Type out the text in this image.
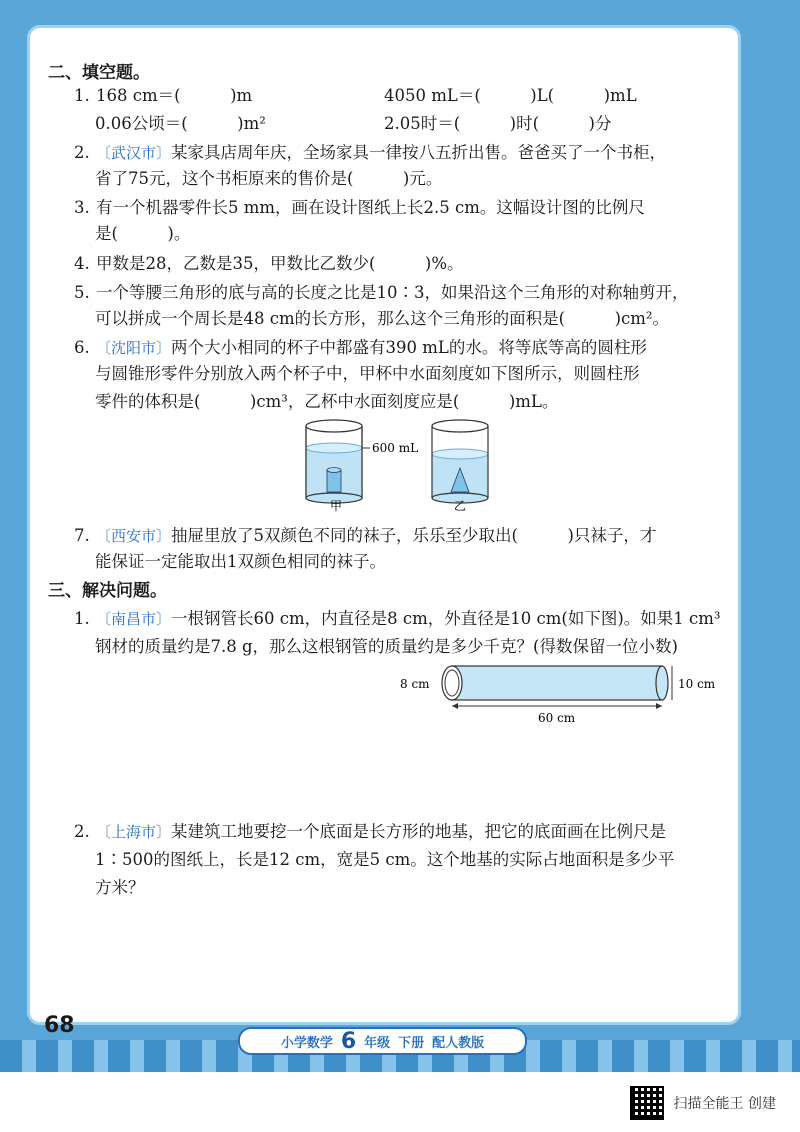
二、填空题。
1. 168 cm＝(　　　)m	4050 mL＝(　　　)L(　　　)mL
0.06公顷＝(　　　)m²	2.05时＝(　　　)时(　　　)分
2. 〔武汉市〕某家具店周年庆，全场家具一律按八五折出售。爸爸买了一个书柜，
省了75元，这个书柜原来的售价是(　　　)元。
3. 有一个机器零件长5 mm，画在设计图纸上长2.5 cm。这幅设计图的比例尺
是(　　　)。
4. 甲数是28，乙数是35，甲数比乙数少(　　　)%。
5. 一个等腰三角形的底与高的长度之比是10∶3，如果沿这个三角形的对称轴剪开，
可以拼成一个周长是48 cm的长方形，那么这个三角形的面积是(　　　)cm²。
6. 〔沈阳市〕两个大小相同的杯子中都盛有390 mL的水。将等底等高的圆柱形
与圆锥形零件分别放入两个杯子中，甲杯中水面刻度如下图所示，则圆柱形
零件的体积是(　　　)cm³，乙杯中水面刻度应是(　　　)mL。
600 mL
甲	乙
7. 〔西安市〕抽屉里放了5双颜色不同的袜子，乐乐至少取出(　　　)只袜子，才
能保证一定能取出1双颜色相同的袜子。
三、解决问题。
1. 〔南昌市〕一根钢管长60 cm，内直径是8 cm，外直径是10 cm(如下图)。如果1 cm³
钢材的质量约是7.8 g，那么这根钢管的质量约是多少千克？(得数保留一位小数)
8 cm	10 cm
60 cm
2. 〔上海市〕某建筑工地要挖一个底面是长方形的地基，把它的底面画在比例尺是
1∶500的图纸上，长是12 cm，宽是5 cm。这个地基的实际占地面积是多少平
方米？
68
小学数学 6 年级 下册 配人教版
扫描全能王 创建
